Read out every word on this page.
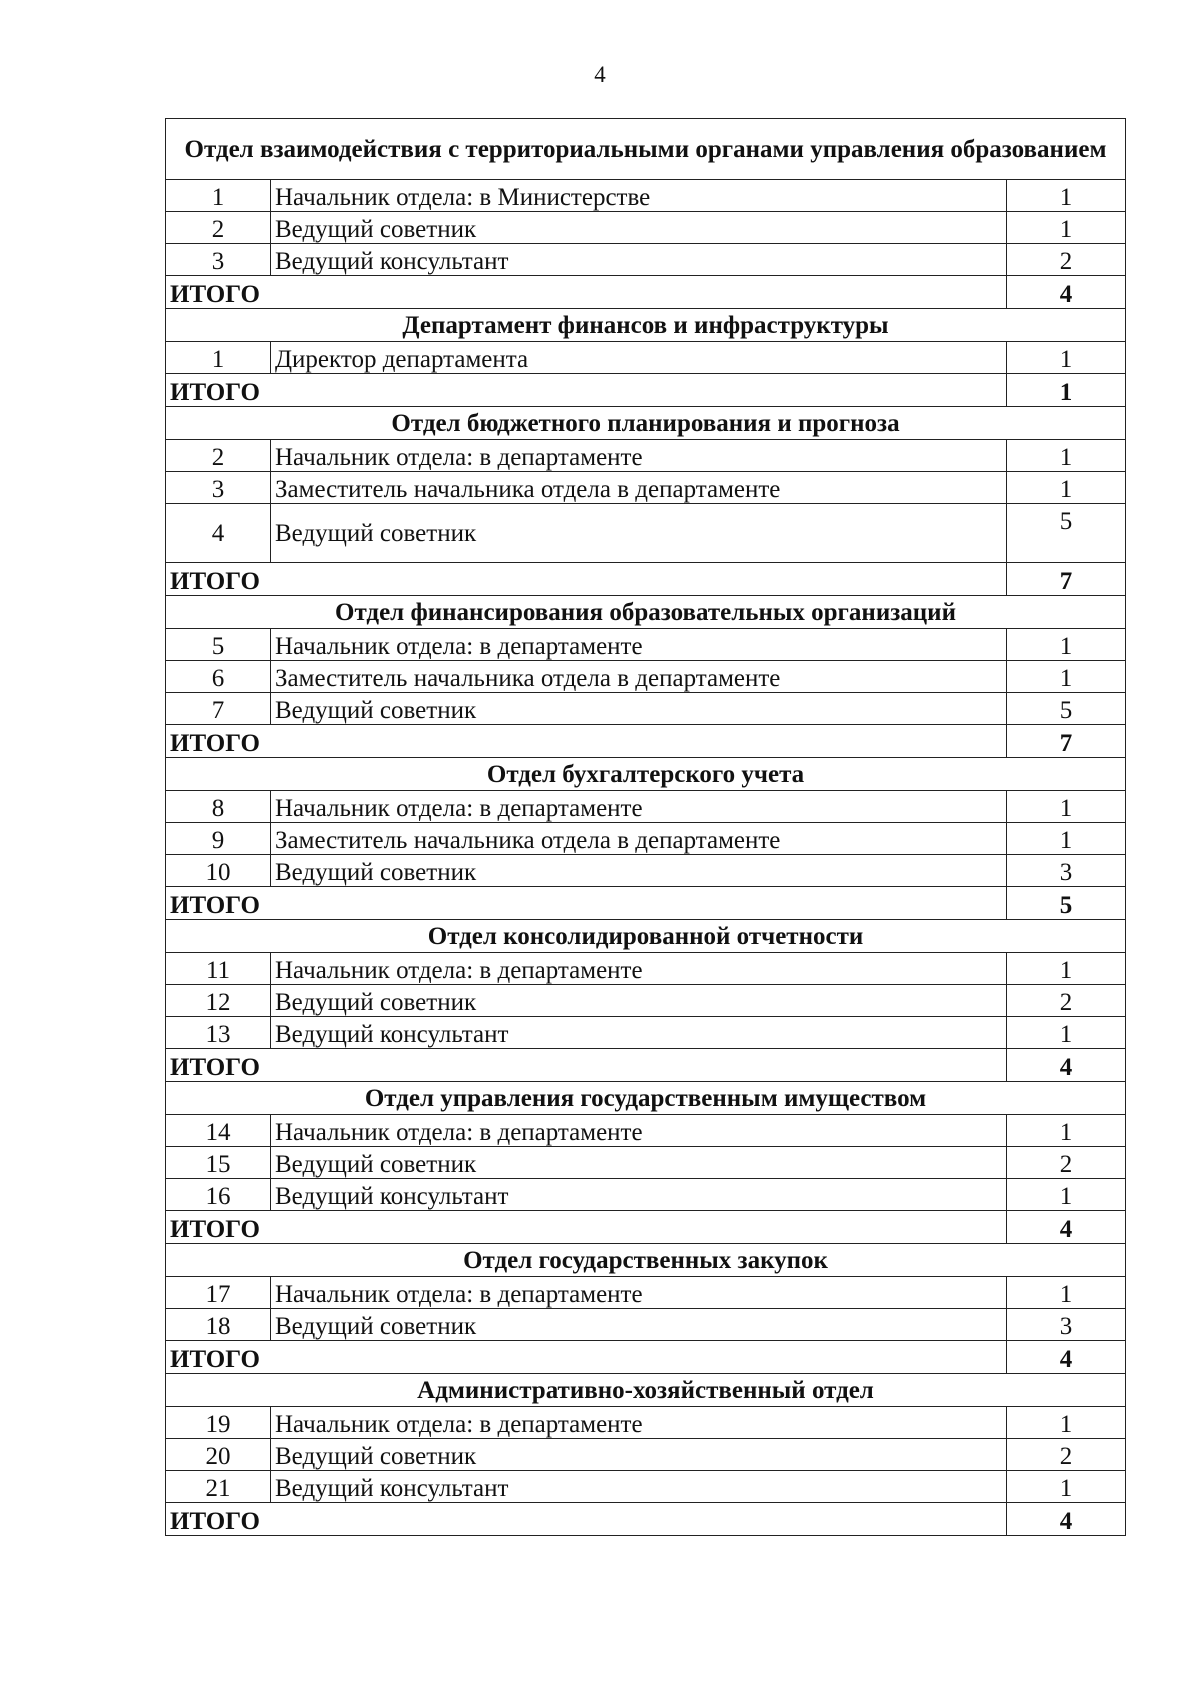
4
Отдел взаимодействия с территориальными органами управления образованием		
1	Начальник отдела: в Министерстве	1
2	Ведущий советник	1
3	Ведущий консультант	2
ИТОГО		4
Департамент финансов и инфраструктуры		
1	Директор департамента	1
ИТОГО		1
Отдел бюджетного планирования и прогноза		
2	Начальник отдела: в департаменте	1
3	Заместитель начальника отдела в департаменте	1
4	Ведущий советник	5
ИТОГО		7
Отдел финансирования образовательных организаций		
5	Начальник отдела: в департаменте	1
6	Заместитель начальника отдела в департаменте	1
7	Ведущий советник	5
ИТОГО		7
Отдел бухгалтерского учета		
8	Начальник отдела: в департаменте	1
9	Заместитель начальника отдела в департаменте	1
10	Ведущий советник	3
ИТОГО		5
Отдел консолидированной отчетности		
11	Начальник отдела: в департаменте	1
12	Ведущий советник	2
13	Ведущий консультант	1
ИТОГО		4
Отдел управления государственным имуществом		
14	Начальник отдела: в департаменте	1
15	Ведущий советник	2
16	Ведущий консультант	1
ИТОГО		4
Отдел государственных закупок		
17	Начальник отдела: в департаменте	1
18	Ведущий советник	3
ИТОГО		4
Административно-хозяйственный отдел		
19	Начальник отдела: в департаменте	1
20	Ведущий советник	2
21	Ведущий консультант	1
ИТОГО		4
